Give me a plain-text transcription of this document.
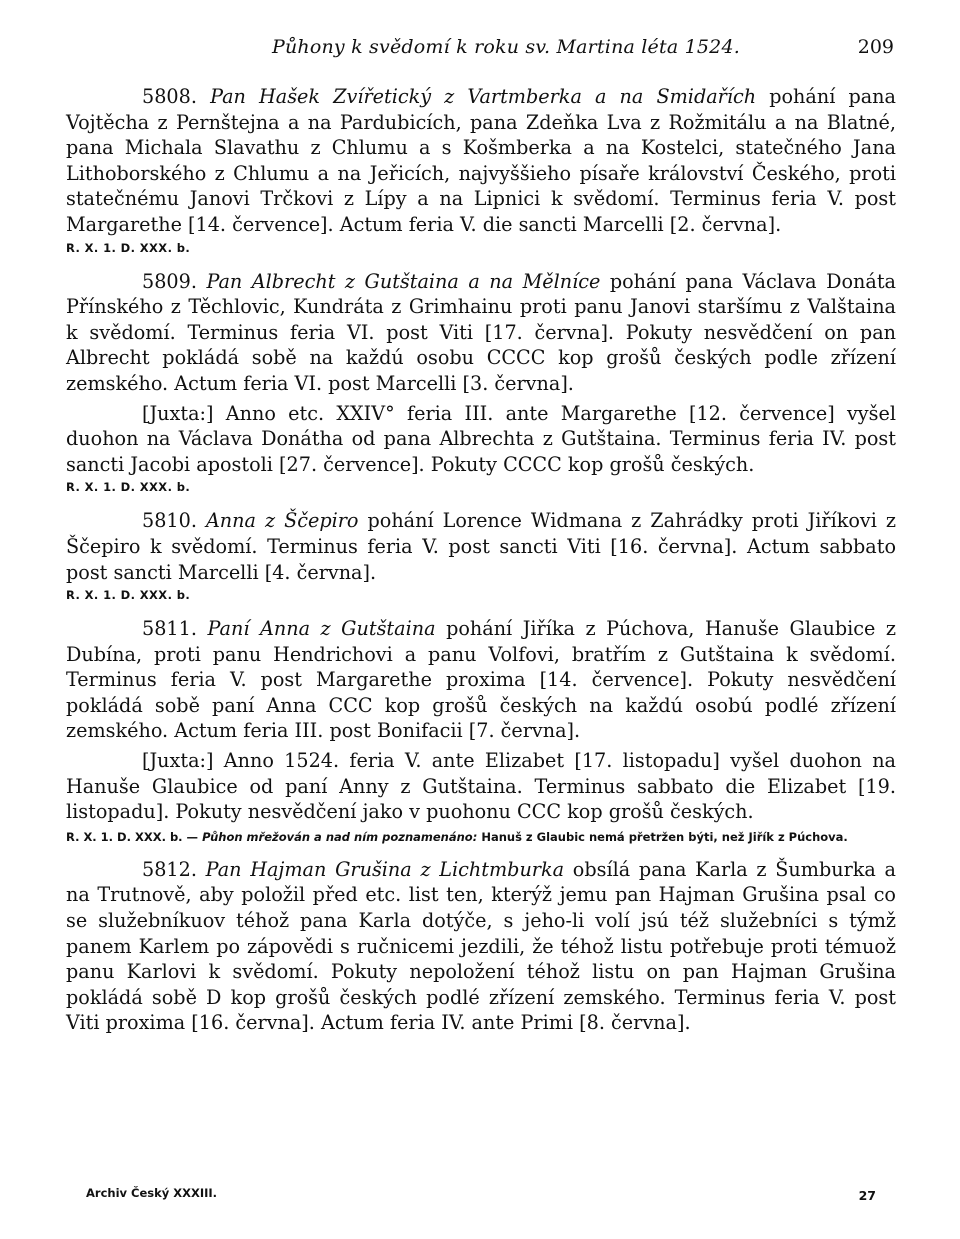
Půhony k svědomí k roku sv. Martina léta 1524.	209

5808. Pan Hašek Zvířetický z Vartmberka a na Smidařích pohání pana Vojtěcha z Pernštejna a na Pardubicích, pana Zdeňka Lva z Rožmitálu a na Blatné, pana Michala Slavathu z Chlumu a s Košmberka a na Kostelci, statečného Jana Lithoborského z Chlumu a na Jeřicích, najvyššieho písaře království Českého, proti statečnému Janovi Trčkovi z Lípy a na Lipnici k svědomí. Terminus feria V. post Margarethe [14. července]. Actum feria V. die sancti Marcelli [2. června].

R. X. 1. D. XXX. b.

5809. Pan Albrecht z Gutštaina a na Mělníce pohání pana Václava Donáta Přínského z Těchlovic, Kundráta z Grimhainu proti panu Janovi staršímu z Valštaina k svědomí. Terminus feria VI. post Viti [17. června]. Pokuty nesvědčení on pan Albrecht pokládá sobě na každú osobu CCCC kop grošů českých podle zřízení zemského. Actum feria VI. post Marcelli [3. června].

[Juxta:] Anno etc. XXIV° feria III. ante Margarethe [12. července] vyšel duohon na Václava Donátha od pana Albrechta z Gutštaina. Terminus feria IV. post sancti Jacobi apostoli [27. července]. Pokuty CCCC kop grošů českých.

R. X. 1. D. XXX. b.

5810. Anna z Ščepiro pohání Lorence Widmana z Zahrádky proti Jiříkovi z Ščepiro k svědomí. Terminus feria V. post sancti Viti [16. června]. Actum sabbato post sancti Marcelli [4. června].

R. X. 1. D. XXX. b.

5811. Paní Anna z Gutštaina pohání Jiříka z Púchova, Hanuše Glaubice z Dubína, proti panu Hendrichovi a panu Volfovi, bratřím z Gutštaina k svědomí. Terminus feria V. post Margarethe proxima [14. července]. Pokuty nesvědčení pokládá sobě paní Anna CCC kop grošů českých na každú osobú podlé zřízení zemského. Actum feria III. post Bonifacii [7. června].

[Juxta:] Anno 1524. feria V. ante Elizabet [17. listopadu] vyšel duohon na Hanuše Glaubice od paní Anny z Gutštaina. Terminus sabbato die Elizabet [19. listopadu]. Pokuty nesvědčení jako v puohonu CCC kop grošů českých.

R. X. 1. D. XXX. b. — Půhon mřežován a nad ním poznamenáno: Hanuš z Glaubic nemá přetržen býti, než Jiřík z Púchova.

5812. Pan Hajman Grušina z Lichtmburka obsílá pana Karla z Šumburka a na Trutnově, aby položil před etc. list ten, kterýž jemu pan Hajman Grušina psal co se služebníkuov téhož pana Karla dotýče, s jeho-li volí jsú též služebníci s týmž panem Karlem po zápovědi s ručnicemi jezdili, že téhož listu potřebuje proti témuož panu Karlovi k svědomí. Pokuty nepoložení téhož listu on pan Hajman Grušina pokládá sobě D kop grošů českých podlé zřízení zemského. Terminus feria V. post Viti proxima [16. června]. Actum feria IV. ante Primi [8. června].

Archiv Český XXXIII.	27
